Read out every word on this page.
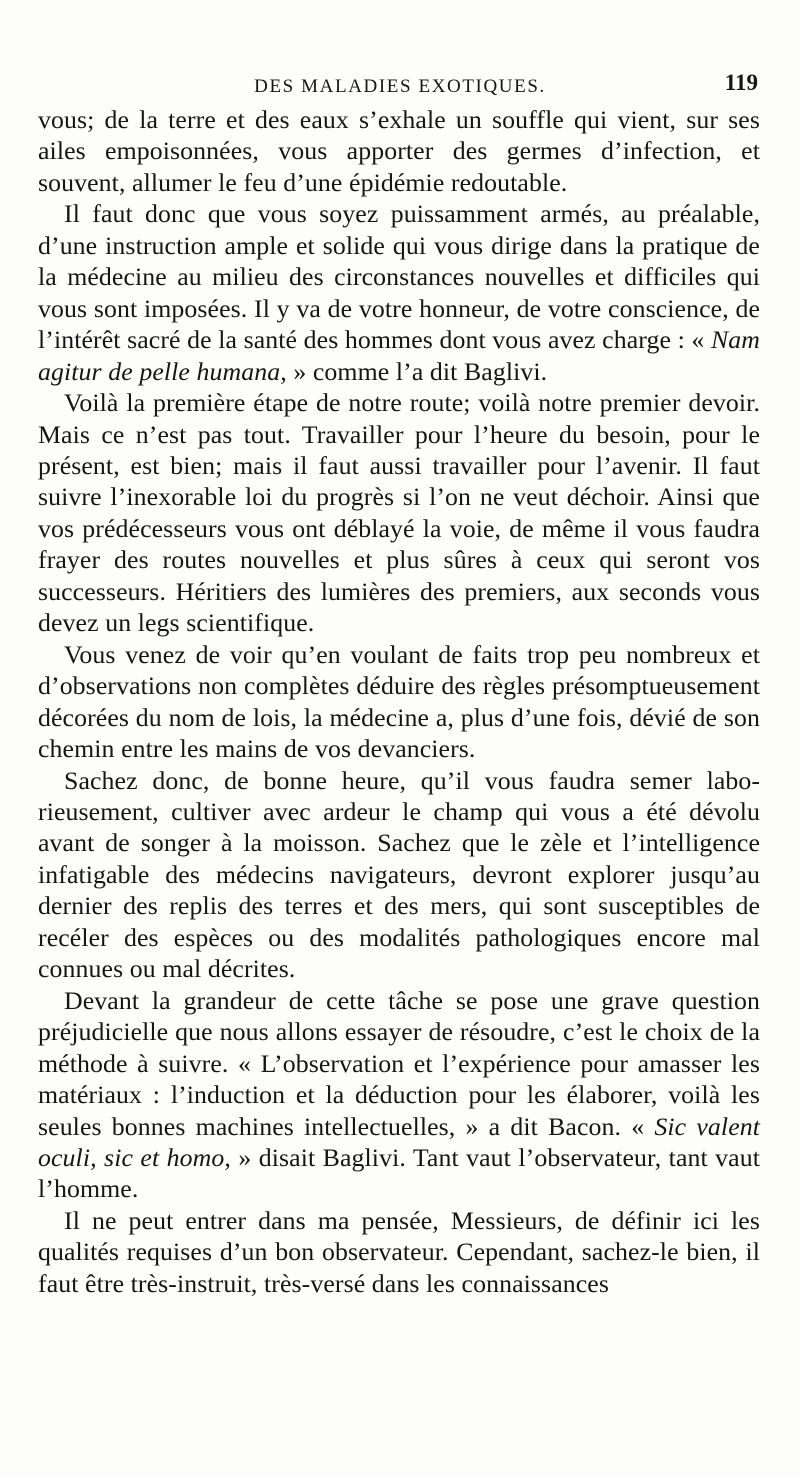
DES MALADIES EXOTIQUES.	119

vous; de la terre et des eaux s’exhale un souffle qui vient, sur ses ailes empoisonnées, vous apporter des germes d’infection, et souvent, allumer le feu d’une épidémie redoutable.

Il faut donc que vous soyez puissamment armés, au préalable, d’une instruction ample et solide qui vous dirige dans la pratique de la médecine au milieu des circonstances nouvelles et difficiles qui vous sont imposées. Il y va de votre honneur, de votre conscience, de l’intérêt sacré de la santé des hommes dont vous avez charge : « Nam agitur de pelle humana, » comme l’a dit Baglivi.

Voilà la première étape de notre route; voilà notre premier devoir. Mais ce n’est pas tout. Travailler pour l’heure du besoin, pour le présent, est bien; mais il faut aussi travailler pour l’avenir. Il faut suivre l’inexorable loi du progrès si l’on ne veut déchoir. Ainsi que vos prédécesseurs vous ont déblayé la voie, de même il vous faudra frayer des routes nouvelles et plus sûres à ceux qui seront vos successeurs. Héritiers des lumières des premiers, aux seconds vous devez un legs scientifique.

Vous venez de voir qu’en voulant de faits trop peu nombreux et d’observations non complètes déduire des règles présomptueusement décorées du nom de lois, la médecine a, plus d’une fois, dévié de son chemin entre les mains de vos devanciers.

Sachez donc, de bonne heure, qu’il vous faudra semer laborieusement, cultiver avec ardeur le champ qui vous a été dévolu avant de songer à la moisson. Sachez que le zèle et l’intelligence infatigable des médecins navigateurs, devront explorer jusqu’au dernier des replis des terres et des mers, qui sont susceptibles de recéler des espèces ou des modalités pathologiques encore mal connues ou mal décrites.

Devant la grandeur de cette tâche se pose une grave question préjudicielle que nous allons essayer de résoudre, c’est le choix de la méthode à suivre. « L’observation et l’expérience pour amasser les matériaux : l’induction et la déduction pour les élaborer, voilà les seules bonnes machines intellectuelles, » a dit Bacon. « Sic valent oculi, sic et homo, » disait Baglivi. Tant vaut l’observateur, tant vaut l’homme.

Il ne peut entrer dans ma pensée, Messieurs, de définir ici les qualités requises d’un bon observateur. Cependant, sachez-le bien, il faut être très-instruit, très-versé dans les connaissances
